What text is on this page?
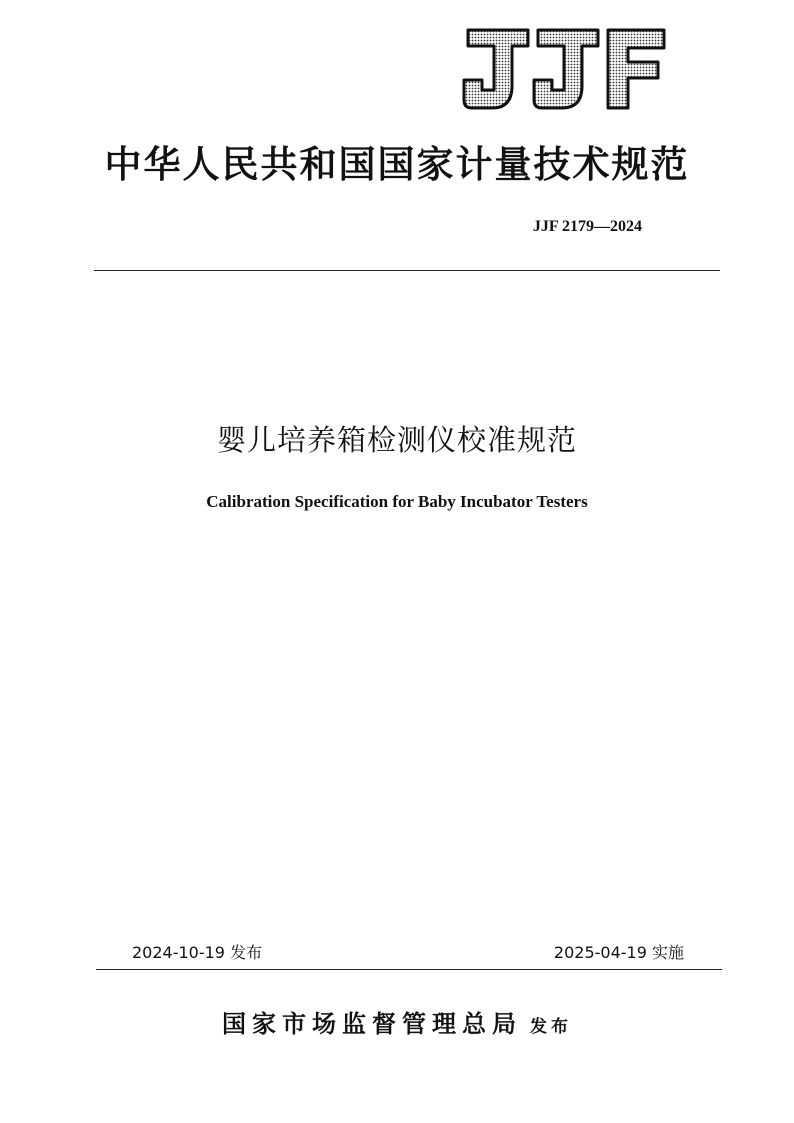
中华人民共和国国家计量技术规范
JJF 2179—2024
婴儿培养箱检测仪校准规范
Calibration Specification for Baby Incubator Testers
2024-10-19 发布	2025-04-19 实施
国家市场监督管理总局 发布
